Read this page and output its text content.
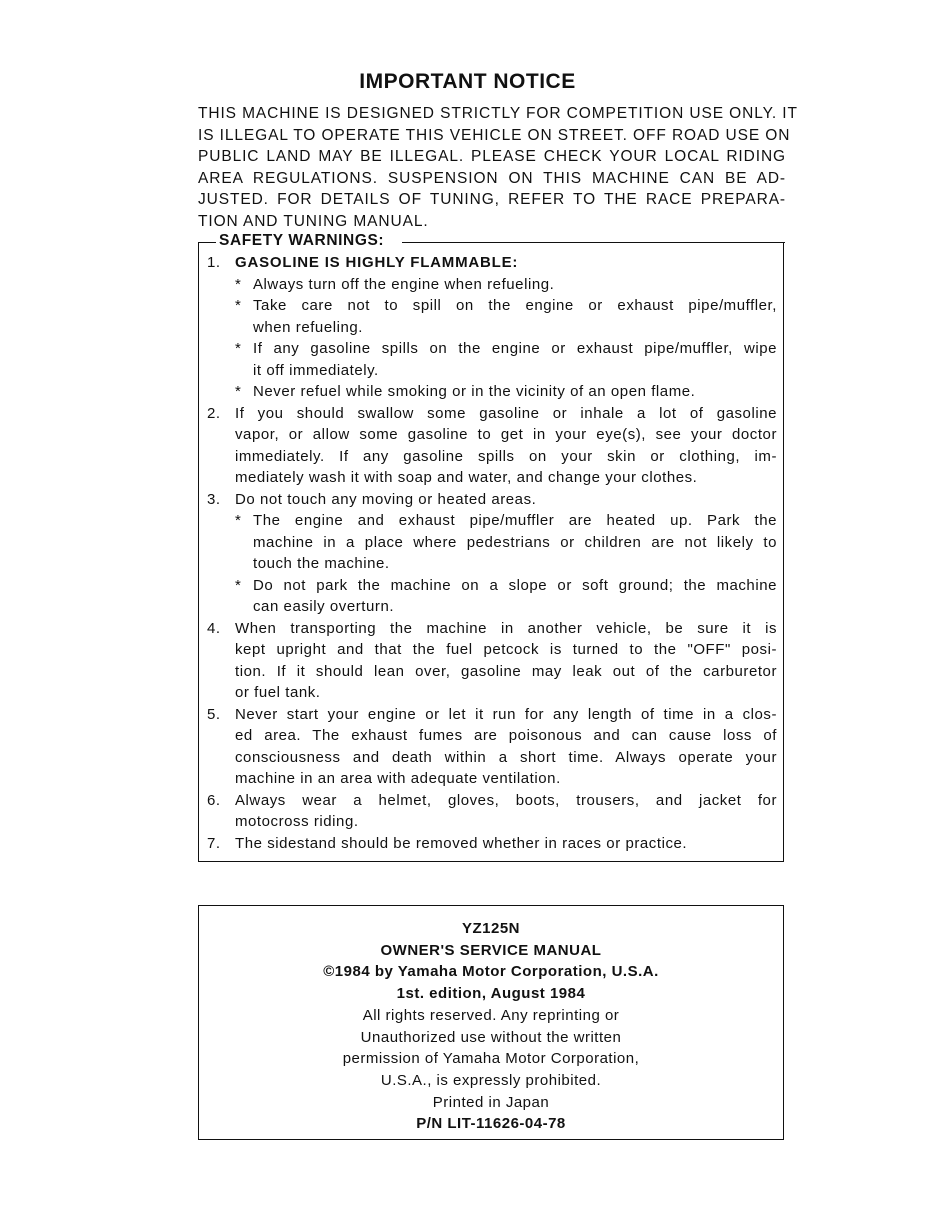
IMPORTANT NOTICE
THIS MACHINE IS DESIGNED STRICTLY FOR COMPETITION USE ONLY. IT
IS ILLEGAL TO OPERATE THIS VEHICLE ON STREET. OFF ROAD USE ON
PUBLIC LAND MAY BE ILLEGAL. PLEASE CHECK YOUR LOCAL RIDING
AREA REGULATIONS. SUSPENSION ON THIS MACHINE CAN BE AD-
JUSTED. FOR DETAILS OF TUNING, REFER TO THE RACE PREPARA-
TION AND TUNING MANUAL.
SAFETY WARNINGS:
1. GASOLINE IS HIGHLY FLAMMABLE:
* Always turn off the engine when refueling.
* Take care not to spill on the engine or exhaust pipe/muffler,
when refueling.
* If any gasoline spills on the engine or exhaust pipe/muffler, wipe
it off immediately.
* Never refuel while smoking or in the vicinity of an open flame.
2. If you should swallow some gasoline or inhale a lot of gasoline
vapor, or allow some gasoline to get in your eye(s), see your doctor
immediately. If any gasoline spills on your skin or clothing, im-
mediately wash it with soap and water, and change your clothes.
3. Do not touch any moving or heated areas.
* The engine and exhaust pipe/muffler are heated up. Park the
machine in a place where pedestrians or children are not likely to
touch the machine.
* Do not park the machine on a slope or soft ground; the machine
can easily overturn.
4. When transporting the machine in another vehicle, be sure it is
kept upright and that the fuel petcock is turned to the "OFF" posi-
tion. If it should lean over, gasoline may leak out of the carburetor
or fuel tank.
5. Never start your engine or let it run for any length of time in a clos-
ed area. The exhaust fumes are poisonous and can cause loss of
consciousness and death within a short time. Always operate your
machine in an area with adequate ventilation.
6. Always wear a helmet, gloves, boots, trousers, and jacket for
motocross riding.
7. The sidestand should be removed whether in races or practice.
YZ125N
OWNER'S SERVICE MANUAL
©1984 by Yamaha Motor Corporation, U.S.A.
1st. edition, August 1984
All rights reserved. Any reprinting or
Unauthorized use without the written
permission of Yamaha Motor Corporation,
U.S.A., is expressly prohibited.
Printed in Japan
P/N LIT-11626-04-78
